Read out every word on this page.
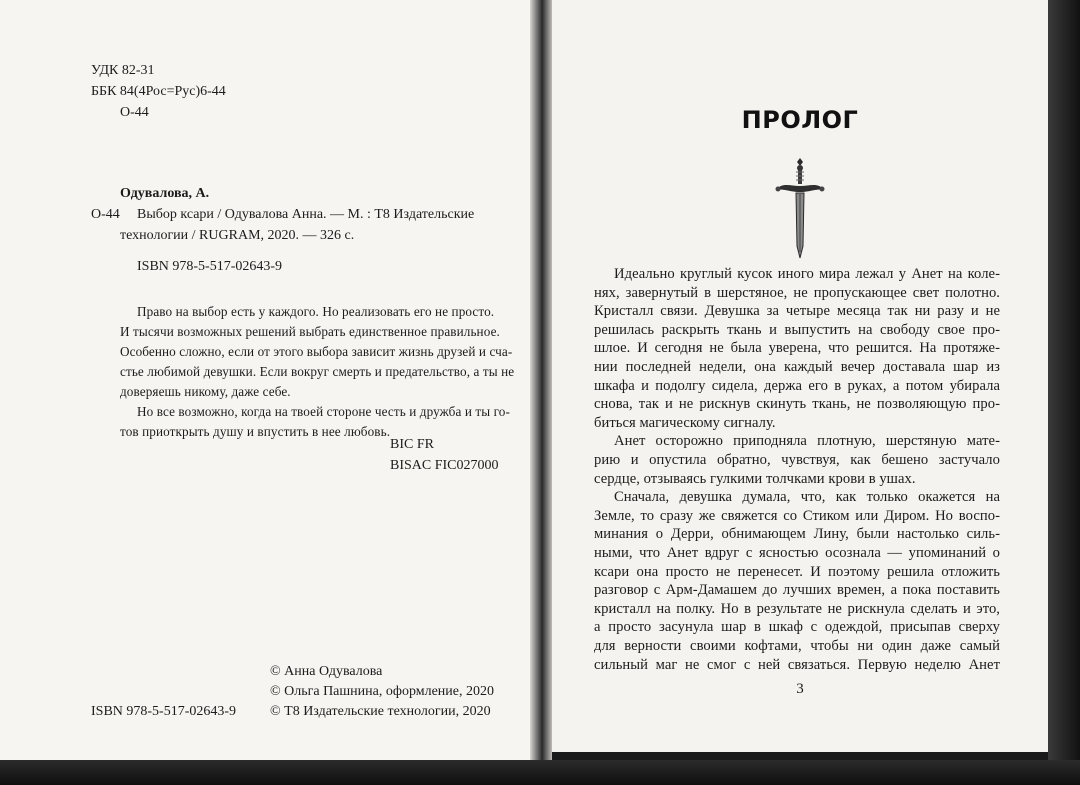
УДК 82-31
ББК 84(4Рос=Рус)6-44
О-44
Одувалова, А.
О-44 Выбор ксари / Одувалова Анна. — М. : Т8 Издательские
технологии / RUGRAM, 2020. — 326 с.
ISBN 978-5-517-02643-9
Право на выбор есть у каждого. Но реализовать его не просто.
И тысячи возможных решений выбрать единственное правильное.
Особенно сложно, если от этого выбора зависит жизнь друзей и сча-
стье любимой девушки. Если вокруг смерть и предательство, а ты не
доверяешь никому, даже себе.
Но все возможно, когда на твоей стороне честь и дружба и ты го-
тов приоткрыть душу и впустить в нее любовь.
BIC FR
BISAC FIC027000
© Анна Одувалова
© Ольга Пашнина, оформление, 2020
© Т8 Издательские технологии, 2020
ISBN 978-5-517-02643-9
ПРОЛОГ
Идеально круглый кусок иного мира лежал у Анет на коле-
нях, завернутый в шерстяное, не пропускающее свет полотно.
Кристалл связи. Девушка за четыре месяца так ни разу и не
решилась раскрыть ткань и выпустить на свободу свое про-
шлое. И сегодня не была уверена, что решится. На протяже-
нии последней недели, она каждый вечер доставала шар из
шкафа и подолгу сидела, держа его в руках, а потом убирала
снова, так и не рискнув скинуть ткань, не позволяющую про-
биться магическому сигналу.
Анет осторожно приподняла плотную, шерстяную мате-
рию и опустила обратно, чувствуя, как бешено застучало
сердце, отзываясь гулкими толчками крови в ушах.
Сначала, девушка думала, что, как только окажется на
Земле, то сразу же свяжется со Стиком или Диром. Но воспо-
минания о Дерри, обнимающем Лину, были настолько силь-
ными, что Анет вдруг с ясностью осознала — упоминаний о
ксари она просто не перенесет. И поэтому решила отложить
разговор с Арм-Дамашем до лучших времен, а пока поставить
кристалл на полку. Но в результате не рискнула сделать и это,
а просто засунула шар в шкаф с одеждой, присыпав сверху
для верности своими кофтами, чтобы ни один даже самый
сильный маг не смог с ней связаться. Первую неделю Анет
3
